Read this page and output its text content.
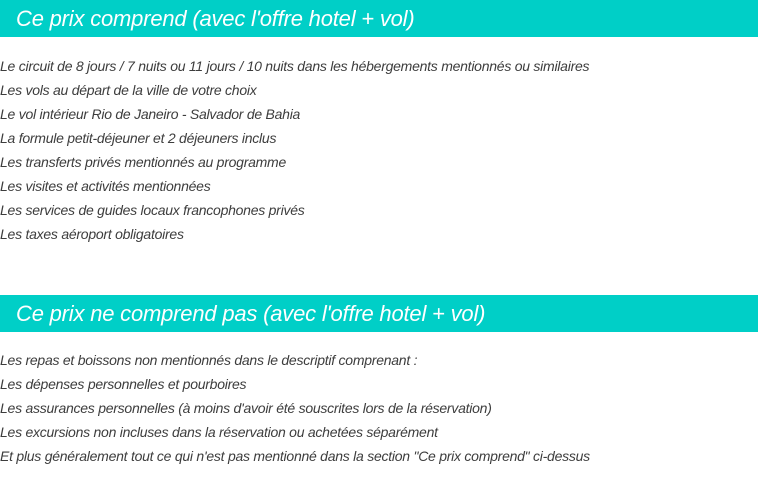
Ce prix comprend (avec l'offre hotel + vol)
Le circuit de 8 jours / 7 nuits ou 11 jours / 10 nuits dans les hébergements mentionnés ou similaires
Les vols au départ de la ville de votre choix
Le vol intérieur Rio de Janeiro - Salvador de Bahia
La formule petit-déjeuner et 2 déjeuners inclus
Les transferts privés mentionnés au programme
Les visites et activités mentionnées
Les services de guides locaux francophones privés
Les taxes aéroport obligatoires
Ce prix ne comprend pas (avec l'offre hotel + vol)
Les repas et boissons non mentionnés dans le descriptif comprenant :
Les dépenses personnelles et pourboires
Les assurances personnelles (à moins d'avoir été souscrites lors de la réservation)
Les excursions non incluses dans la réservation ou achetées séparément
Et plus généralement tout ce qui n'est pas mentionné dans la section "Ce prix comprend" ci-dessus
